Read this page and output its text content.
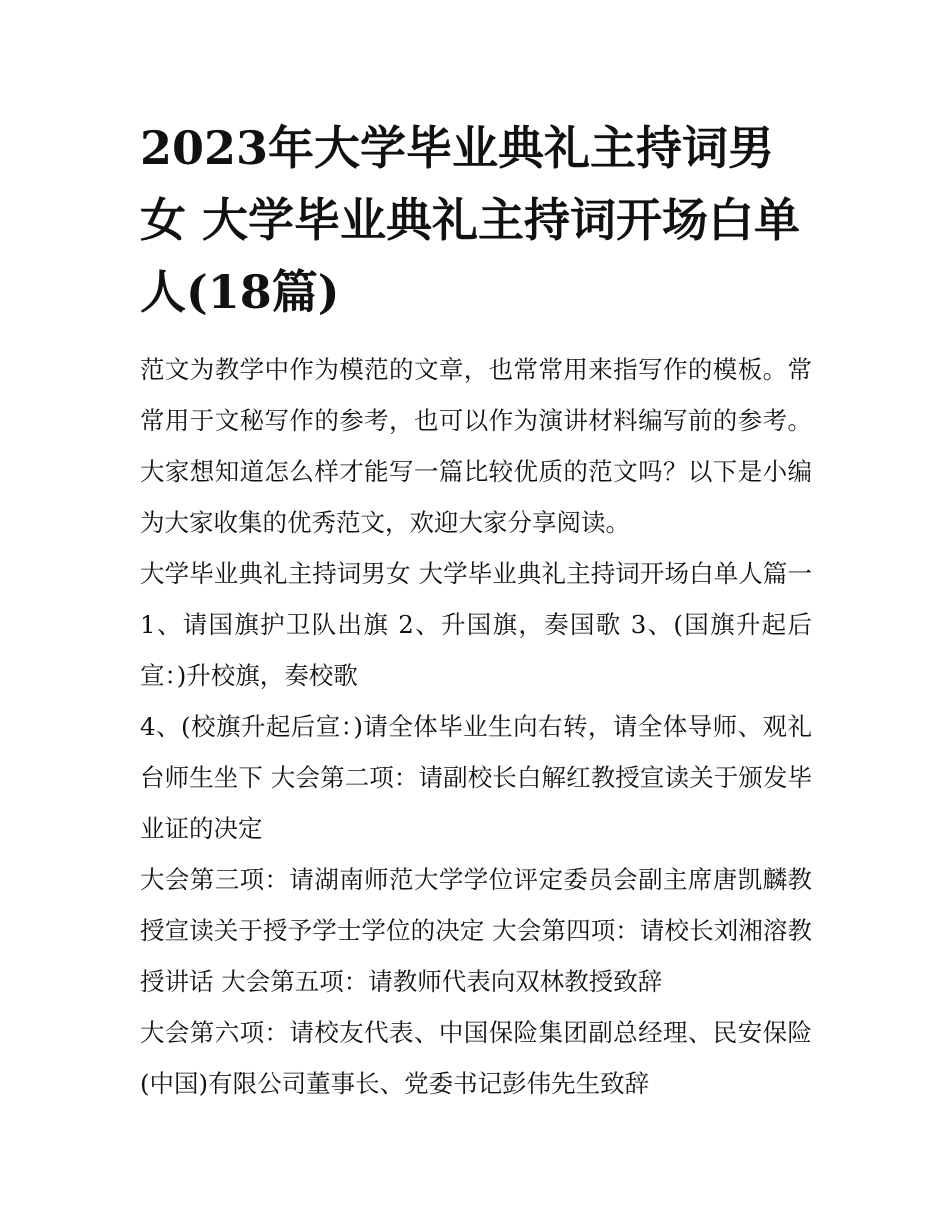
2023年大学毕业典礼主持词男女 大学毕业典礼主持词开场白单人(18篇)

范文为教学中作为模范的文章，也常常用来指写作的模板。常常用于文秘写作的参考，也可以作为演讲材料编写前的参考。大家想知道怎么样才能写一篇比较优质的范文吗？以下是小编为大家收集的优秀范文，欢迎大家分享阅读。

大学毕业典礼主持词男女 大学毕业典礼主持词开场白单人篇一1、请国旗护卫队出旗 2、升国旗，奏国歌 3、(国旗升起后宣：)升校旗，奏校歌

4、(校旗升起后宣：)请全体毕业生向右转，请全体导师、观礼台师生坐下 大会第二项：请副校长白解红教授宣读关于颁发毕业证的决定

大会第三项：请湖南师范大学学位评定委员会副主席唐凯麟教授宣读关于授予学士学位的决定 大会第四项：请校长刘湘溶教授讲话 大会第五项：请教师代表向双林教授致辞

大会第六项：请校友代表、中国保险集团副总经理、民安保险(中国)有限公司董事长、党委书记彭伟先生致辞
